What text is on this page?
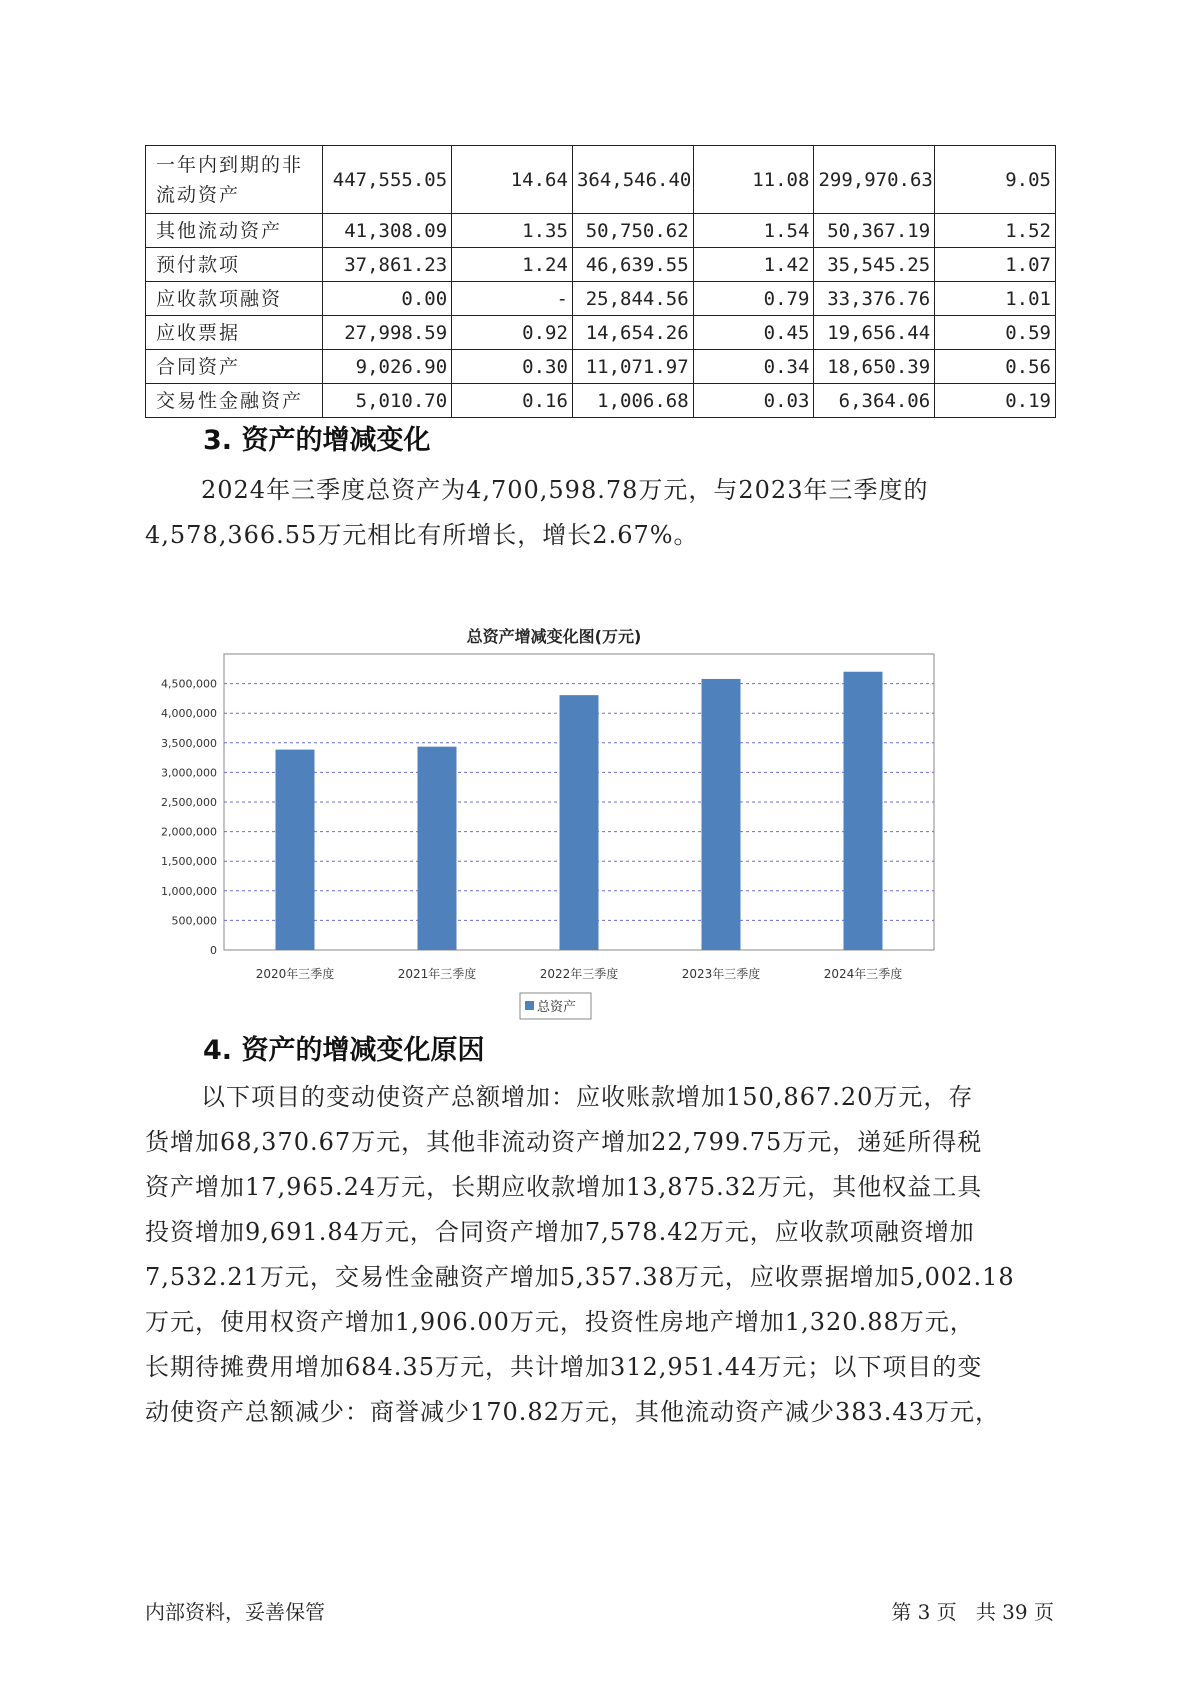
一年内到期的非流动资产	447,555.05	14.64	364,546.40	11.08	299,970.63	9.05
其他流动资产	41,308.09	1.35	50,750.62	1.54	50,367.19	1.52
预付款项	37,861.23	1.24	46,639.55	1.42	35,545.25	1.07
应收款项融资	0.00	-	25,844.56	0.79	33,376.76	1.01
应收票据	27,998.59	0.92	14,654.26	0.45	19,656.44	0.59
合同资产	9,026.90	0.30	11,071.97	0.34	18,650.39	0.56
交易性金融资产	5,010.70	0.16	1,006.68	0.03	6,364.06	0.19
3. 资产的增减变化
2024年三季度总资产为4,700,598.78万元，与2023年三季度的
4,578,366.55万元相比有所增长，增长2.67%。
总资产增减变化图(万元)
0
500,000
1,000,000
1,500,000
2,000,000
2,500,000
3,000,000
3,500,000
4,000,000
4,500,000
2020年三季度	2021年三季度	2022年三季度	2023年三季度	2024年三季度
总资产
4. 资产的增减变化原因
以下项目的变动使资产总额增加：应收账款增加150,867.20万元，存
货增加68,370.67万元，其他非流动资产增加22,799.75万元，递延所得税
资产增加17,965.24万元，长期应收款增加13,875.32万元，其他权益工具
投资增加9,691.84万元，合同资产增加7,578.42万元，应收款项融资增加
7,532.21万元，交易性金融资产增加5,357.38万元，应收票据增加5,002.18
万元，使用权资产增加1,906.00万元，投资性房地产增加1,320.88万元，
长期待摊费用增加684.35万元，共计增加312,951.44万元；以下项目的变
动使资产总额减少：商誉减少170.82万元，其他流动资产减少383.43万元，
内部资料，妥善保管	第 3 页   共 39 页
